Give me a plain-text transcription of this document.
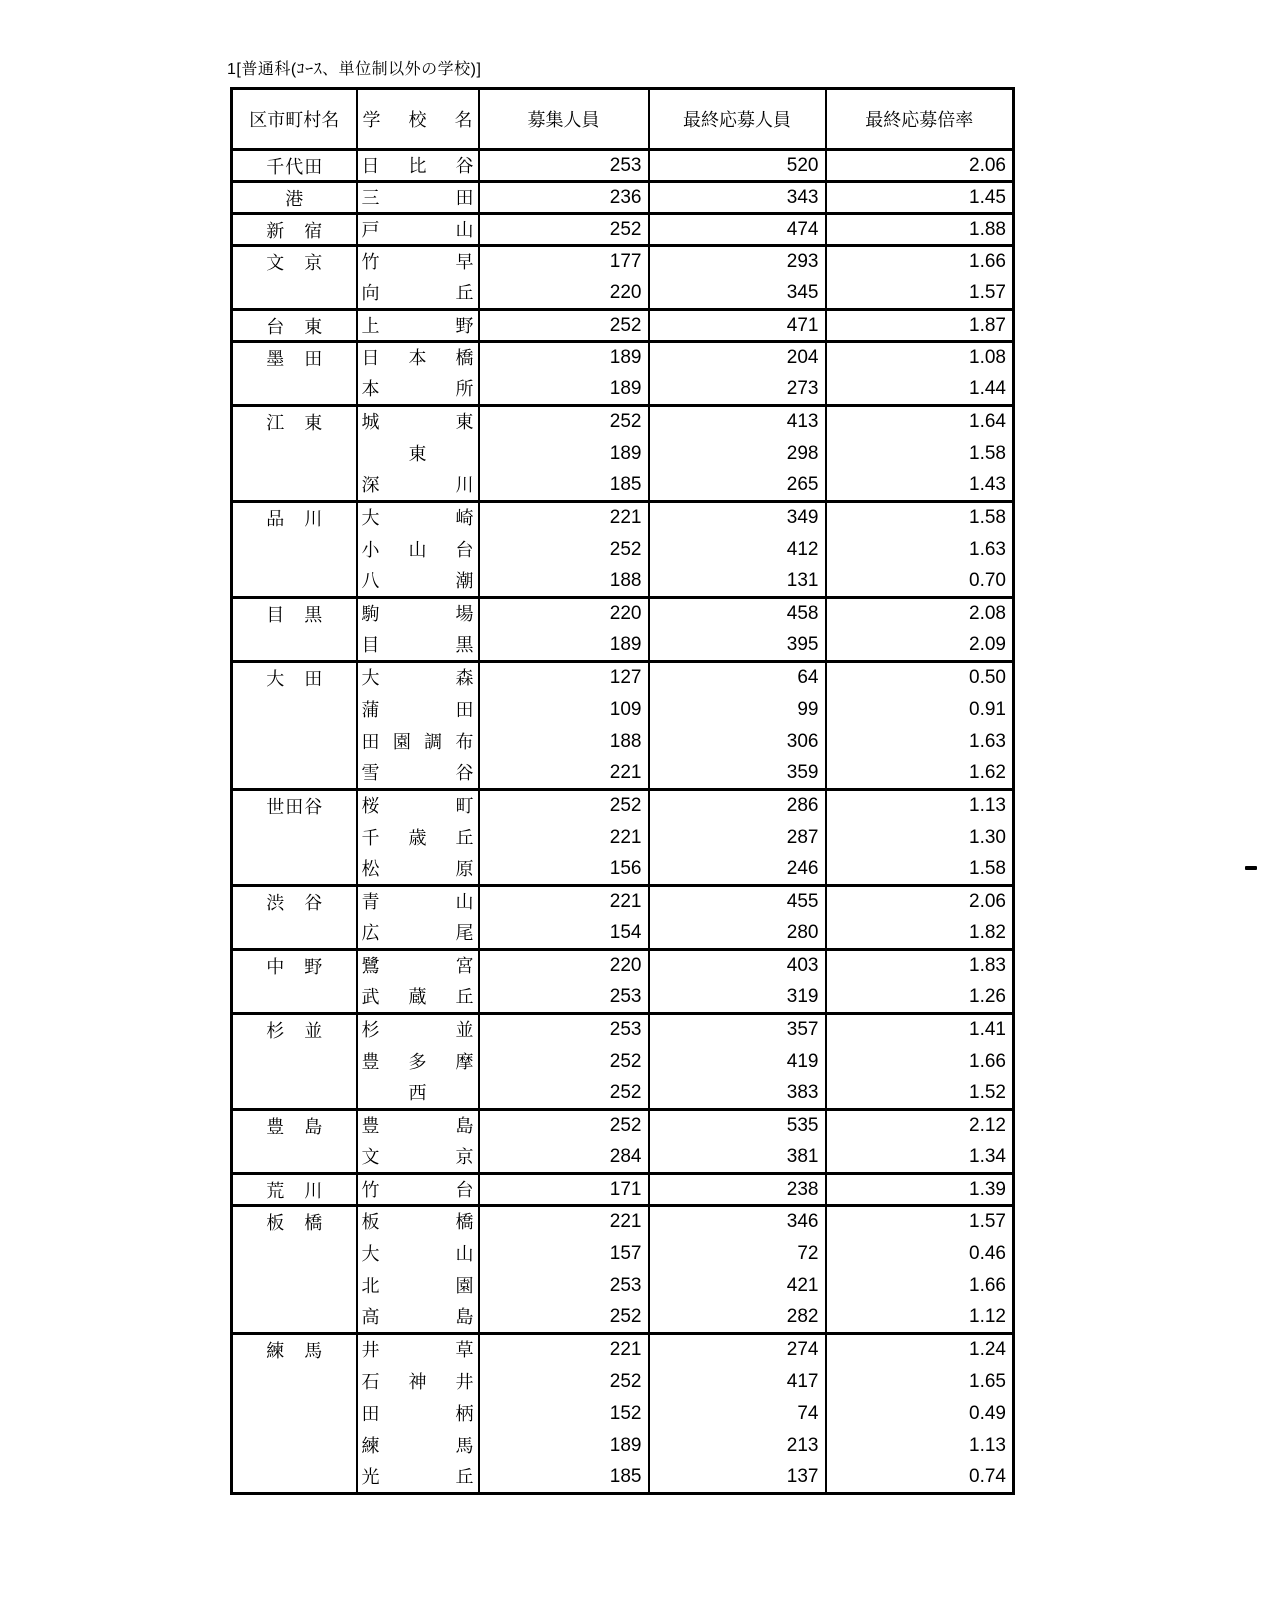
1[普通科(ｺｰｽ、単位制以外の学校)]
区市町村名	学 校 名	募集人員	最終応募人員	最終応募倍率

千 代 田	日 比 谷	253	520	2.06

港	三 田	236	343	1.45

新 宿	戸 山	252	474	1.88

文 京	竹 早	177	293	1.66

	向 丘	220	345	1.57

台 東	上 野	252	471	1.87

墨 田	日 本 橋	189	204	1.08

	本 所	189	273	1.44

江 東	城 東	252	413	1.64

	東	189	298	1.58

	深 川	185	265	1.43

品 川	大 崎	221	349	1.58

	小 山 台	252	412	1.63

	八 潮	188	131	0.70

目 黒	駒 場	220	458	2.08

	目 黒	189	395	2.09

大 田	大 森	127	64	0.50

	蒲 田	109	99	0.91

	田 園 調 布	188	306	1.63

	雪 谷	221	359	1.62

世 田 谷	桜 町	252	286	1.13

	千 歳 丘	221	287	1.30

	松 原	156	246	1.58

渋 谷	青 山	221	455	2.06

	広 尾	154	280	1.82

中 野	鷺 宮	220	403	1.83

	武 蔵 丘	253	319	1.26

杉 並	杉 並	253	357	1.41

	豊 多 摩	252	419	1.66

	西	252	383	1.52

豊 島	豊 島	252	535	2.12

	文 京	284	381	1.34

荒 川	竹 台	171	238	1.39

板 橋	板 橋	221	346	1.57

	大 山	157	72	0.46

	北 園	253	421	1.66

	高 島	252	282	1.12

練 馬	井 草	221	274	1.24

	石 神 井	252	417	1.65

	田 柄	152	74	0.49

	練 馬	189	213	1.13

	光 丘	185	137	0.74
